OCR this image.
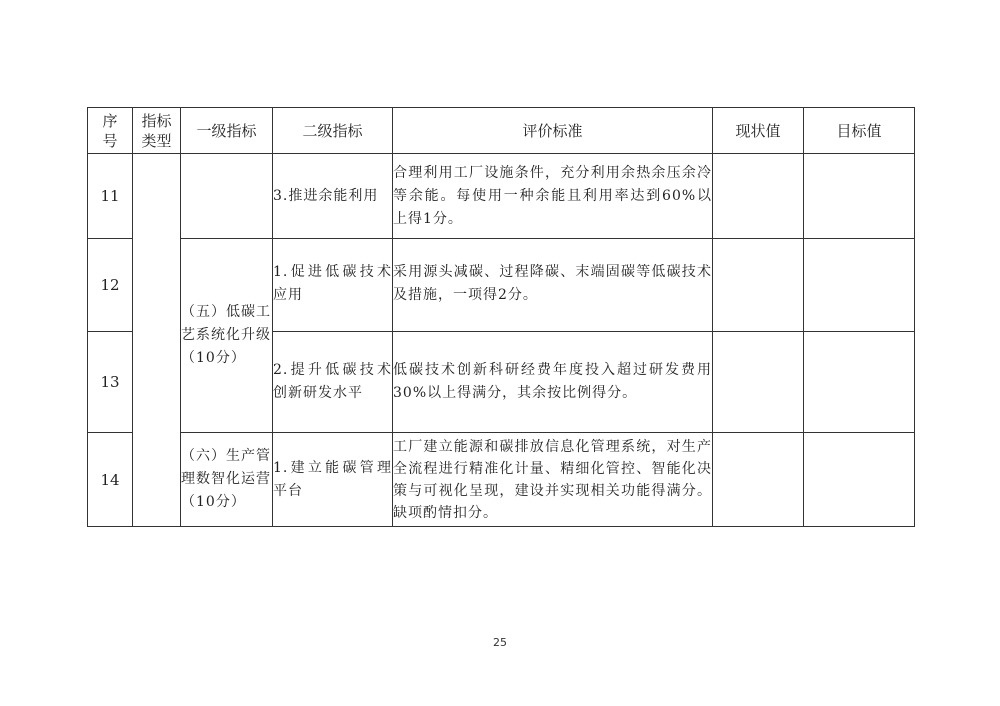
序号	指标类型	一级指标	二级指标	评价标准	现状值	目标值
11			3.推进余能利用	合理利用工厂设施条件，充分利用余热余压余冷等余能。每使用一种余能且利用率达到60%以上得1分。		
12		（五）低碳工艺系统化升级（10分）	1.促进低碳技术应用	采用源头减碳、过程降碳、末端固碳等低碳技术及措施，一项得2分。		
13			2.提升低碳技术创新研发水平	低碳技术创新科研经费年度投入超过研发费用30%以上得满分，其余按比例得分。		
14		（六）生产管理数智化运营（10分）	1.建立能碳管理平台	工厂建立能源和碳排放信息化管理系统，对生产全流程进行精准化计量、精细化管控、智能化决策与可视化呈现，建设并实现相关功能得满分。缺项酌情扣分。		
25
